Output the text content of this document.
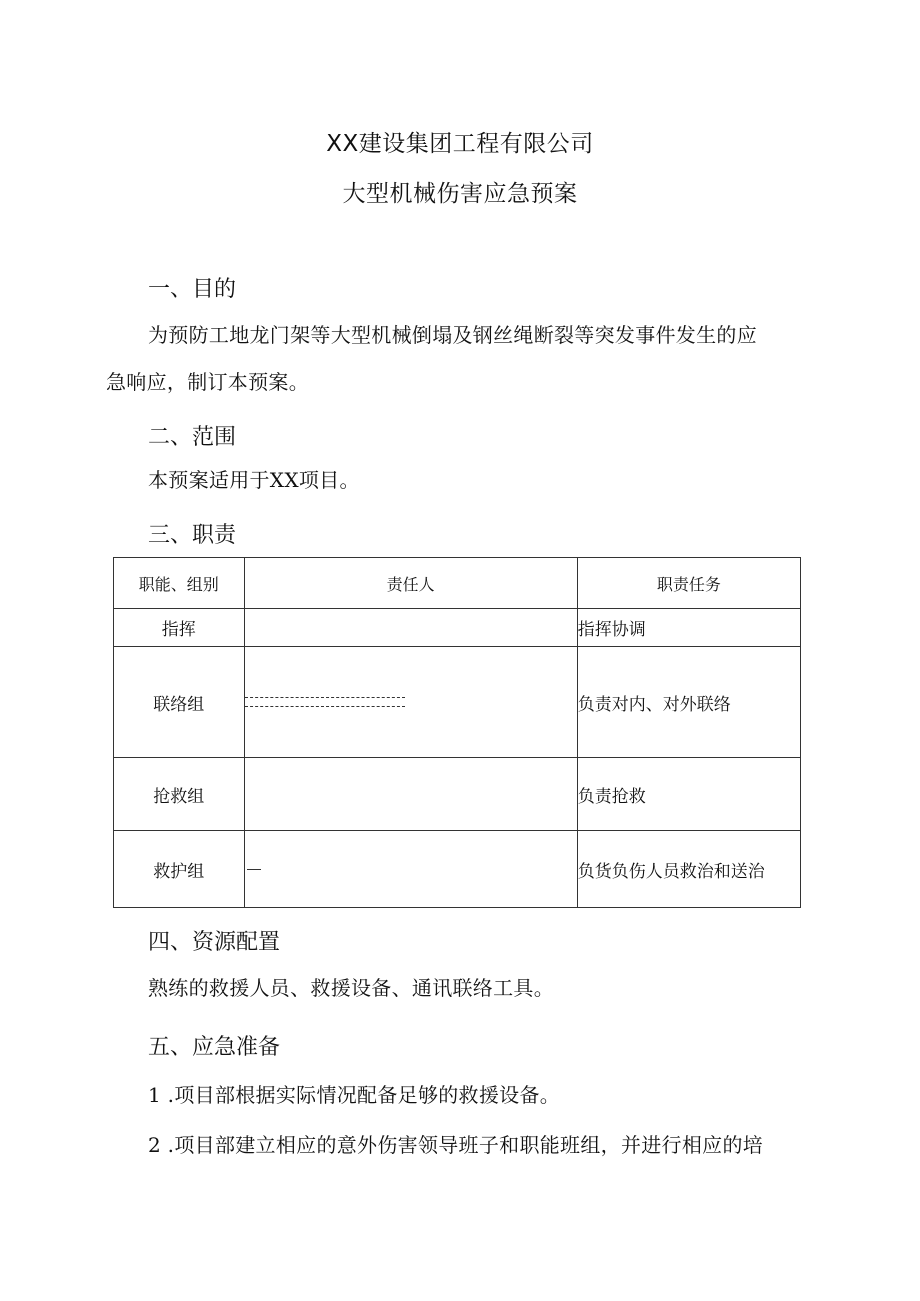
XX建设集团工程有限公司
大型机械伤害应急预案
一、目的
为预防工地龙门架等大型机械倒塌及钢丝绳断裂等突发事件发生的应
急响应，制订本预案。
二、范围
本预案适用于XX项目。
三、职责
职能、组别	责任人	职责任务
指挥		指挥协调
联络组		负责对内、对外联络
抢救组		负责抢救
救护组		负货负伤人员救治和送治
四、资源配置
熟练的救援人员、救援设备、通讯联络工具。
五、应急准备
1 .项目部根据实际情况配备足够的救援设备。
2 .项目部建立相应的意外伤害领导班子和职能班组，并进行相应的培
